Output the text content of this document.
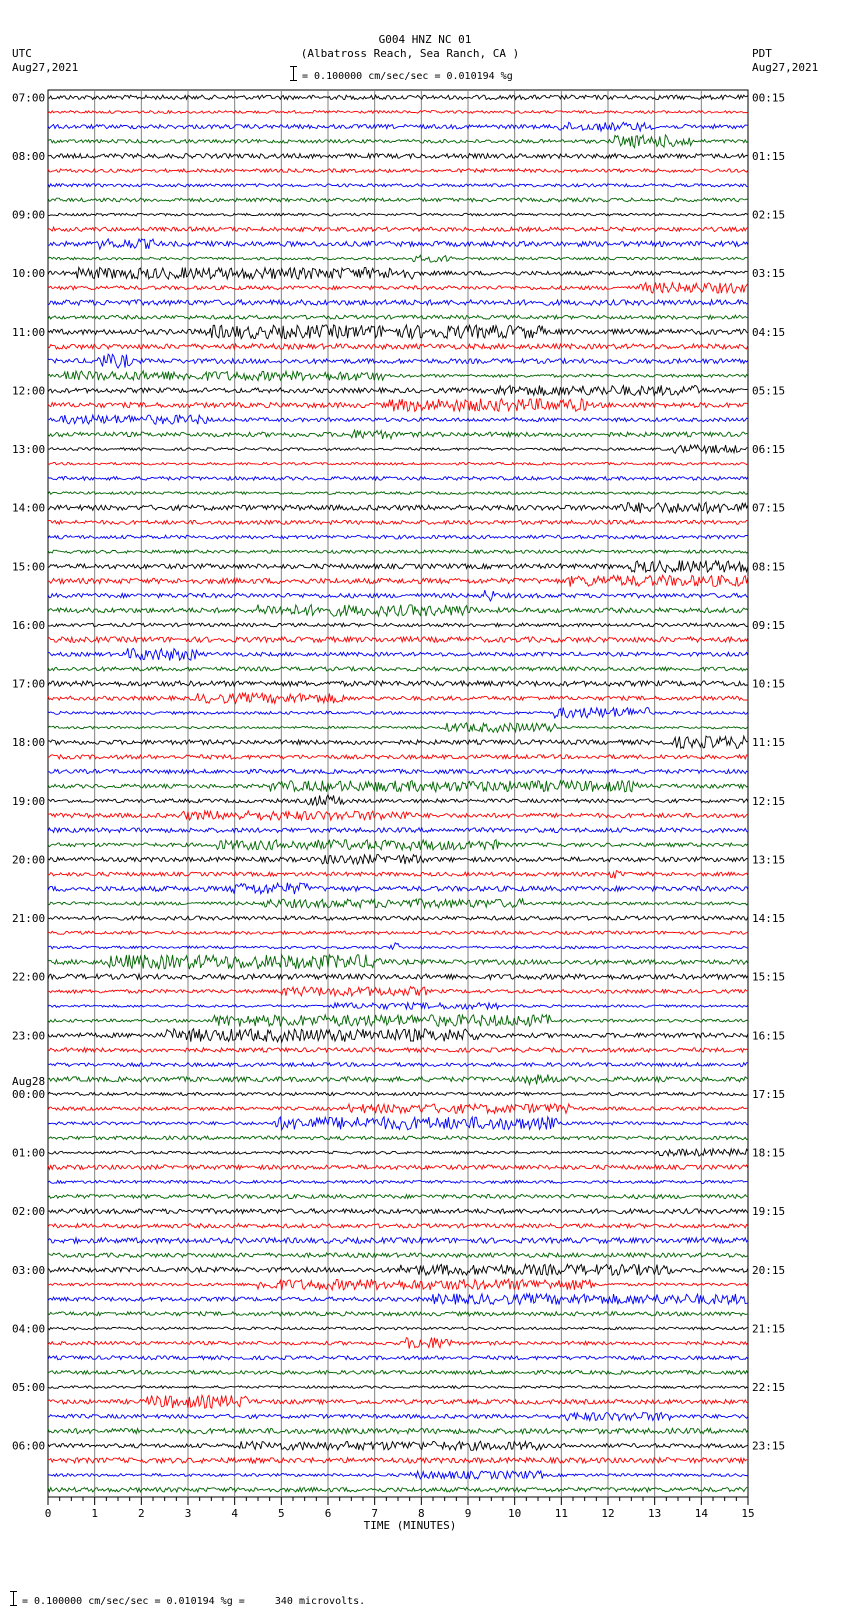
G004 HNZ NC 01
(Albatross Reach, Sea Ranch, CA )
UTC
Aug27,2021
PDT
Aug27,2021
= 0.100000 cm/sec/sec = 0.010194 %g
07:00
08:00
09:00
10:00
11:00
12:00
13:00
14:00
15:00
16:00
17:00
18:00
19:00
20:00
21:00
22:00
23:00
00:00
01:00
02:00
03:00
04:00
05:00
06:00
00:15
01:15
02:15
03:15
04:15
05:15
06:15
07:15
08:15
09:15
10:15
11:15
12:15
13:15
14:15
15:15
16:15
17:15
18:15
19:15
20:15
21:15
22:15
23:15
Aug28
0	1	2	3	4	5	6	7	8	9	10	11	12	13	14	15
TIME (MINUTES)
= 0.100000 cm/sec/sec = 0.010194 %g =     340 microvolts.
